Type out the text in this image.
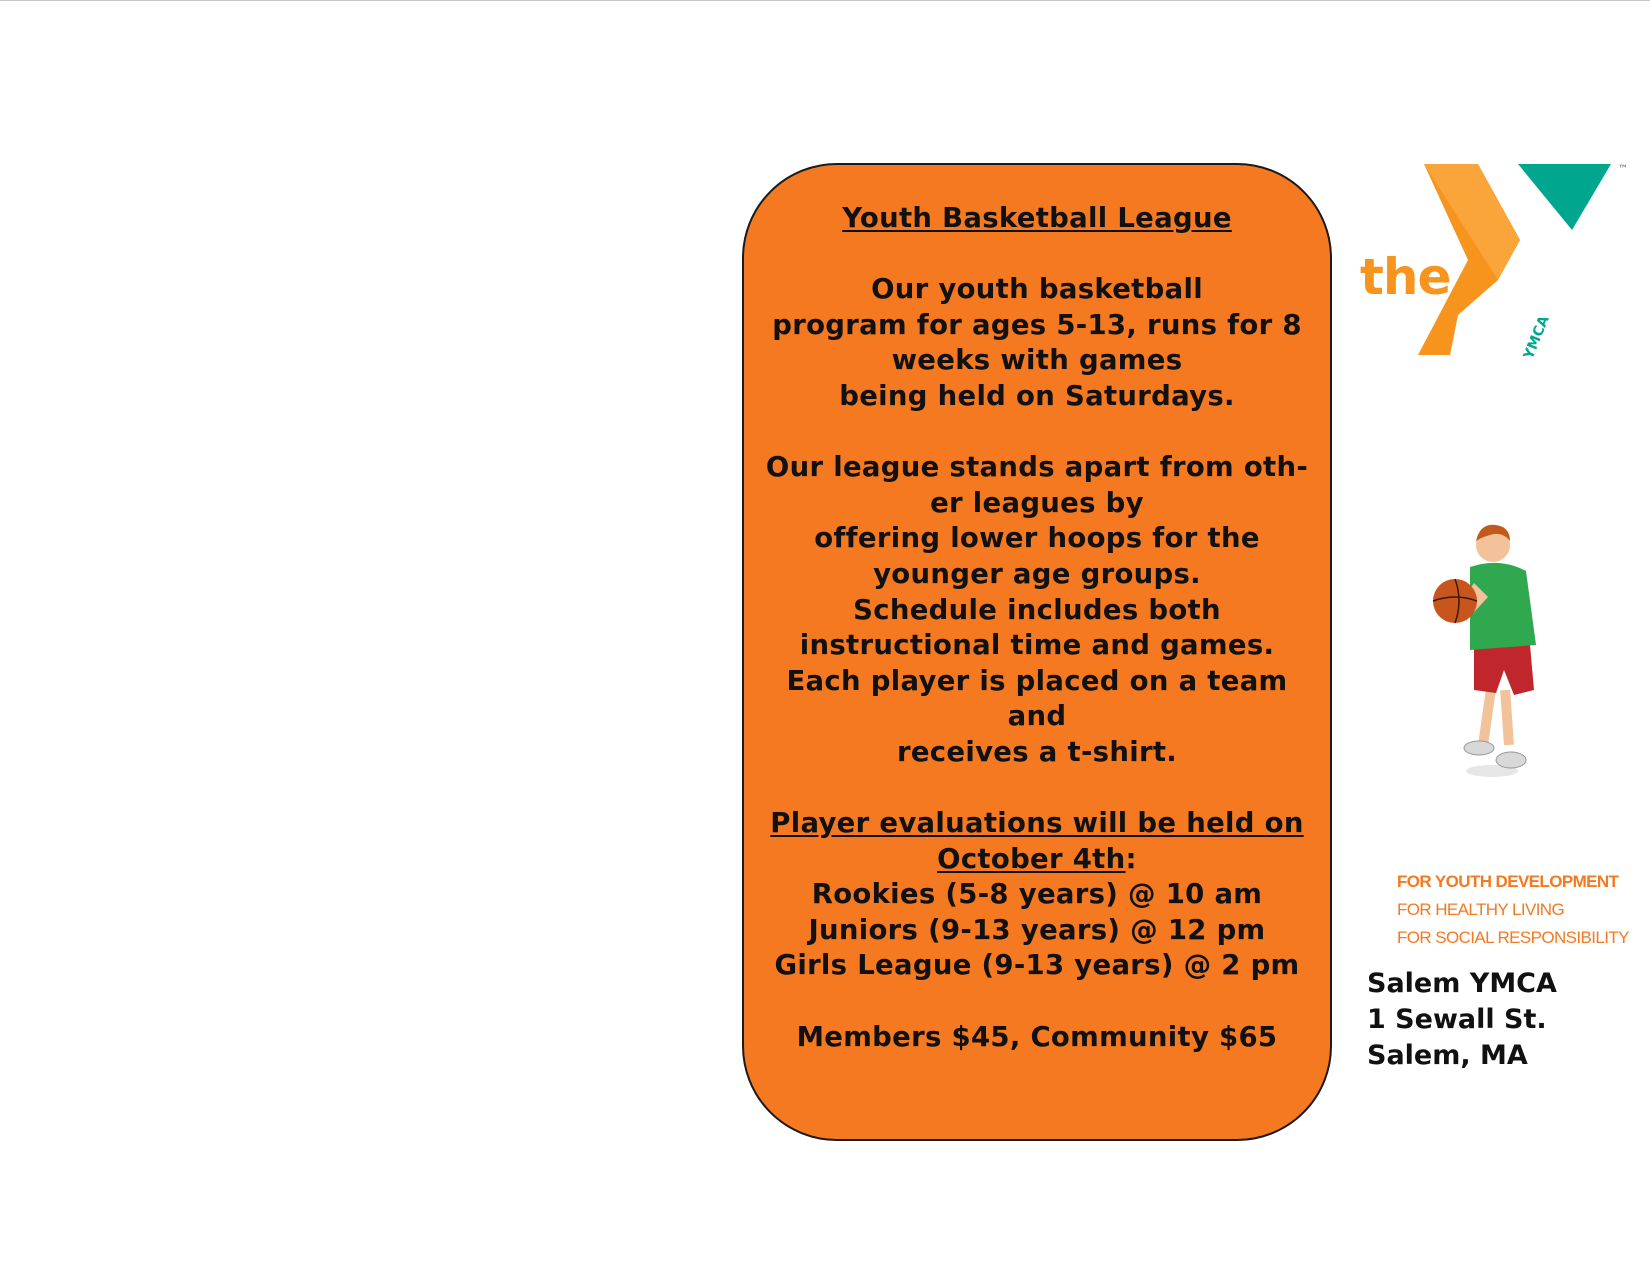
Youth Basketball League
Our youth basketball
program for ages 5-13, runs for 8
weeks with games
being held on Saturdays.
Our league stands apart from oth-
er leagues by
offering lower hoops for the
younger age groups.
Schedule includes both
instructional time and games.
Each player is placed on a team
and
receives a t-shirt.
Player evaluations will be held on
October 4th:
Rookies (5-8 years) @ 10 am
Juniors (9-13 years) @ 12 pm
Girls League (9-13 years) @ 2 pm
Members $45, Community $65
the
™
YMCA
FOR YOUTH DEVELOPMENT
FOR HEALTHY LIVING
FOR SOCIAL RESPONSIBILITY
Salem YMCA
1 Sewall St.
Salem, MA
